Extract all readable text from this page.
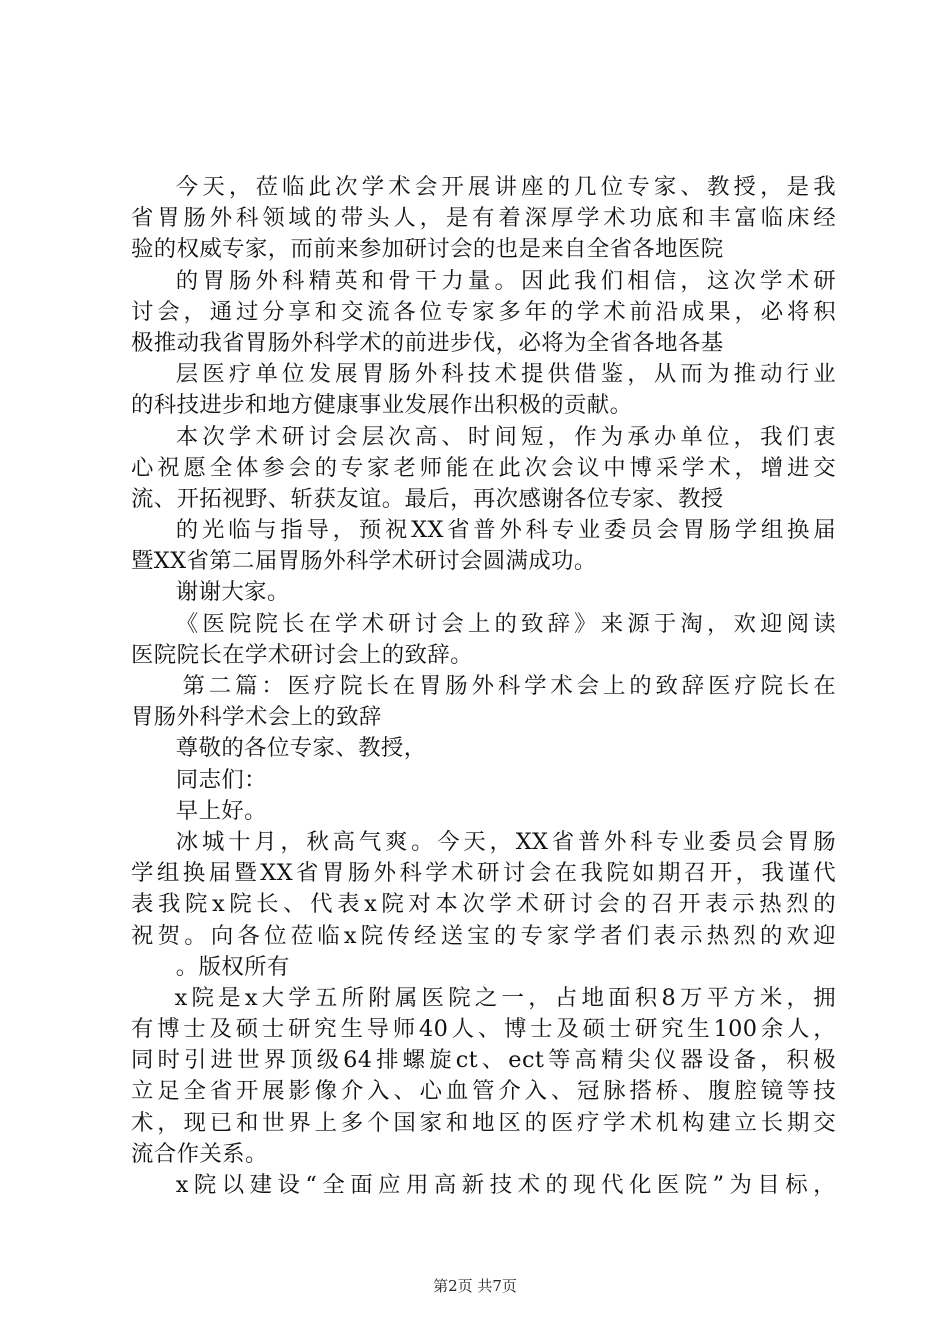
今天，莅临此次学术会开展讲座的几位专家、教授，是我
省胃肠外科领域的带头人，是有着深厚学术功底和丰富临床经
验的权威专家，而前来参加研讨会的也是来自全省各地医院
的胃肠外科精英和骨干力量。因此我们相信，这次学术研
讨会，通过分享和交流各位专家多年的学术前沿成果，必将积
极推动我省胃肠外科学术的前进步伐，必将为全省各地各基
层医疗单位发展胃肠外科技术提供借鉴，从而为推动行业
的科技进步和地方健康事业发展作出积极的贡献。
本次学术研讨会层次高、时间短，作为承办单位，我们衷
心祝愿全体参会的专家老师能在此次会议中博采学术，增进交
流、开拓视野、斩获友谊。最后，再次感谢各位专家、教授
的光临与指导，预祝XX省普外科专业委员会胃肠学组换届
暨XX省第二届胃肠外科学术研讨会圆满成功。
谢谢大家。
《医院院长在学术研讨会上的致辞》来源于淘，欢迎阅读
医院院长在学术研讨会上的致辞。
第二篇：医疗院长在胃肠外科学术会上的致辞医疗院长在
胃肠外科学术会上的致辞
尊敬的各位专家、教授，
同志们：
早上好。
冰城十月，秋高气爽。今天，XX省普外科专业委员会胃肠
学组换届暨XX省胃肠外科学术研讨会在我院如期召开，我谨代
表我院x院长、代表x院对本次学术研讨会的召开表示热烈的
祝贺。向各位莅临x院传经送宝的专家学者们表示热烈的欢迎
。版权所有
x院是x大学五所附属医院之一，占地面积8万平方米，拥
有博士及硕士研究生导师40人、博士及硕士研究生100余人，
同时引进世界顶级64排螺旋ct、ect等高精尖仪器设备，积极
立足全省开展影像介入、心血管介入、冠脉搭桥、腹腔镜等技
术，现已和世界上多个国家和地区的医疗学术机构建立长期交
流合作关系。
x院以建设“全面应用高新技术的现代化医院”为目标，
第2页 共7页
